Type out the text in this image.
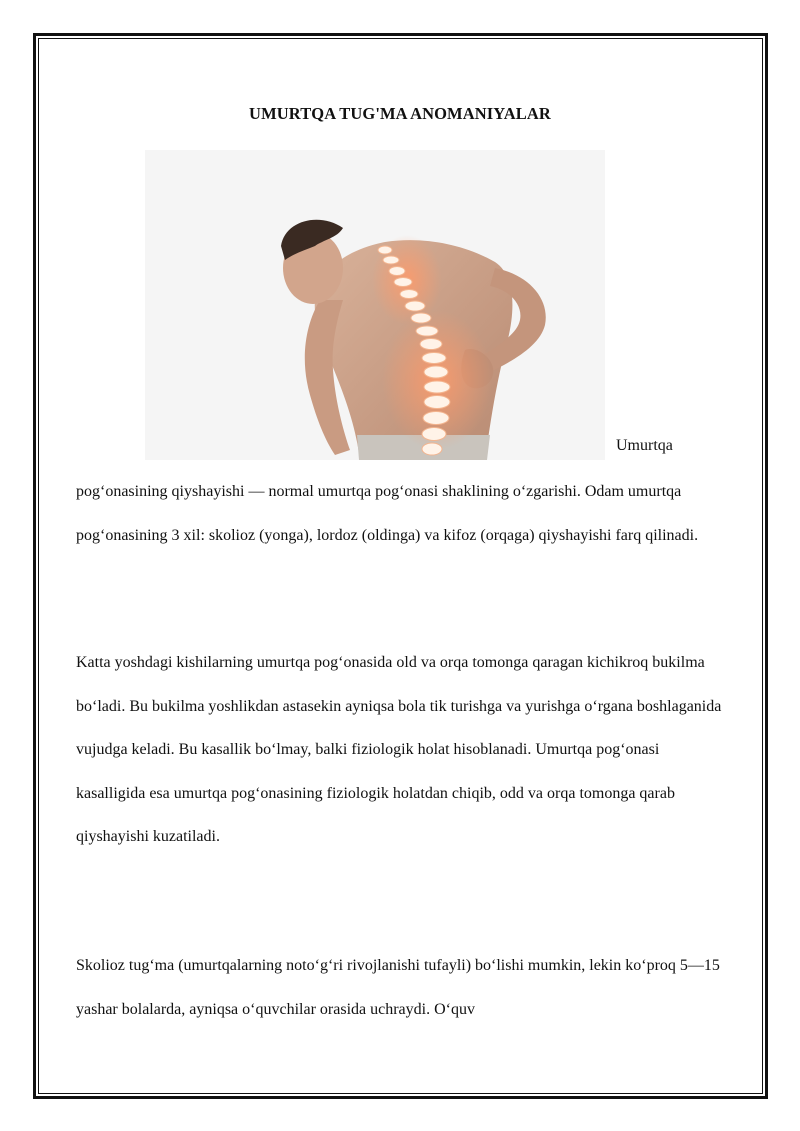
UMURTQA TUG'MA ANOMANIYALAR
Umurtqa

pog‘onasining qiyshayishi — normal umurtqa pog‘onasi shaklining o‘zgarishi. Odam umurtqa pog‘onasining 3 xil: skolioz (yonga), lordoz (oldinga) va kifoz (orqaga) qiyshayishi farq qilinadi.

Katta yoshdagi kishilarning umurtqa pog‘onasida old va orqa tomonga qaragan kichikroq bukilma bo‘ladi. Bu bukilma yoshlikdan astasekin ayniqsa bola tik turishga va yurishga o‘rgana boshlaganida vujudga keladi. Bu kasallik bo‘lmay, balki fiziologik holat hisoblanadi. Umurtqa pog‘onasi kasalligida esa umurtqa pog‘onasining fiziologik holatdan chiqib, odd va orqa tomonga qarab qiyshayishi kuzatiladi.

Skolioz tug‘ma (umurtqalarning noto‘g‘ri rivojlanishi tufayli) bo‘lishi mumkin, lekin ko‘proq 5—15 yashar bolalarda, ayniqsa o‘quvchilar orasida uchraydi. O‘quv
